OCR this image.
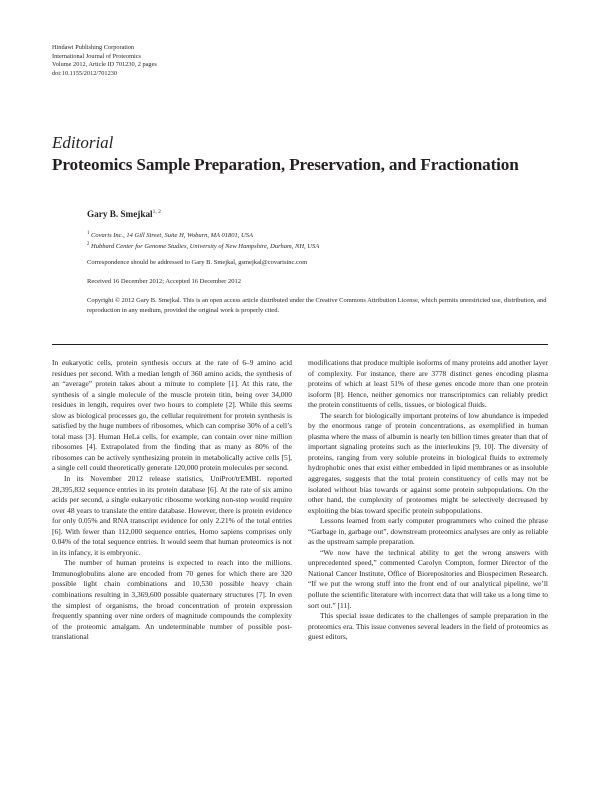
Hindawi Publishing Corporation
International Journal of Proteomics
Volume 2012, Article ID 701230, 2 pages
doi:10.1155/2012/701230
Editorial
Proteomics Sample Preparation, Preservation, and Fractionation
Gary B. Smejkal$^{1, 2}$
$^1$ Covaris Inc., 14 Gill Street, Suite H, Woburn, MA 01801, USA
$^2$ Hubbard Center for Genome Studies, University of New Hampshire, Durham, NH, USA
Correspondence should be addressed to Gary B. Smejkal, gsmejkal@covarisinc.com
Received 16 December 2012; Accepted 16 December 2012
Copyright © 2012 Gary B. Smejkal. This is an open access article distributed under the Creative Commons Attribution License, which permits unrestricted use, distribution, and reproduction in any medium, provided the original work is properly cited.

In eukaryotic cells, protein synthesis occurs at the rate of 6–9 amino acid residues per second. With a median length of 360 amino acids, the synthesis of an “average” protein takes about a minute to complete [1]. At this rate, the synthesis of a single molecule of the muscle protein titin, being over 34,000 residues in length, requires over two hours to complete [2]. While this seems slow as biological processes go, the cellular requirement for protein synthesis is satisfied by the huge numbers of ribosomes, which can comprise 30% of a cell’s total mass [3]. Human HeLa cells, for example, can contain over nine million ribosomes [4]. Extrapolated from the finding that as many as 80% of the ribosomes can be actively synthesizing protein in metabolically active cells [5], a single cell could theoretically generate 120,000 protein molecules per second.

In its November 2012 release statistics, UniProt/trEMBL reported 28,395,832 sequence entries in its protein database [6]. At the rate of six amino acids per second, a single eukaryotic ribosome working non-stop would require over 48 years to translate the entire database. However, there is protein evidence for only 0.05% and RNA transcript evidence for only 2.21% of the total entries [6]. With fewer than 112,000 sequence entries, Homo sapiens comprises only 0.04% of the total sequence entries. It would seem that human proteomics is not in its infancy, it is embryonic.

The number of human proteins is expected to reach into the millions. Immunoglobulins alone are encoded from 70 genes for which there are 320 possible light chain combinations and 10,530 possible heavy chain combinations resulting in 3,369,600 possible quaternary structures [7]. In even the simplest of organisms, the broad concentration of protein expression frequently spanning over nine orders of magnitude compounds the complexity of the proteomic amalgam. An undeterminable number of possible post-translational

modifications that produce multiple isoforms of many proteins add another layer of complexity. For instance, there are 3778 distinct genes encoding plasma proteins of which at least 51% of these genes encode more than one protein isoform [8]. Hence, neither genomics nor transcriptomics can reliably predict the protein constituents of cells, tissues, or biological fluids.

The search for biologically important proteins of low abundance is impeded by the enormous range of protein concentrations, as exemplified in human plasma where the mass of albumin is nearly ten billion times greater than that of important signaling proteins such as the interleukins [9, 10]. The diversity of proteins, ranging from very soluble proteins in biological fluids to extremely hydrophobic ones that exist either embedded in lipid membranes or as insoluble aggregates, suggests that the total protein constituency of cells may not be isolated without bias towards or against some protein subpopulations. On the other hand, the complexity of proteomes might be selectively decreased by exploiting the bias toward specific protein subpopulations.

Lessons learned from early computer programmers who coined the phrase “Garbage in, garbage out”, downstream proteomics analyses are only as reliable as the upstream sample preparation.

“We now have the technical ability to get the wrong answers with unprecedented speed,” commented Carolyn Compton, former Director of the National Cancer Institute, Office of Biorepositories and Biospecimen Research. “If we put the wrong stuff into the front end of our analytical pipeline, we’ll pollute the scientific literature with incorrect data that will take us a long time to sort out.” [11].

This special issue dedicates to the challenges of sample preparation in the proteomics era. This issue convenes several leaders in the field of proteomics as guest editors,
